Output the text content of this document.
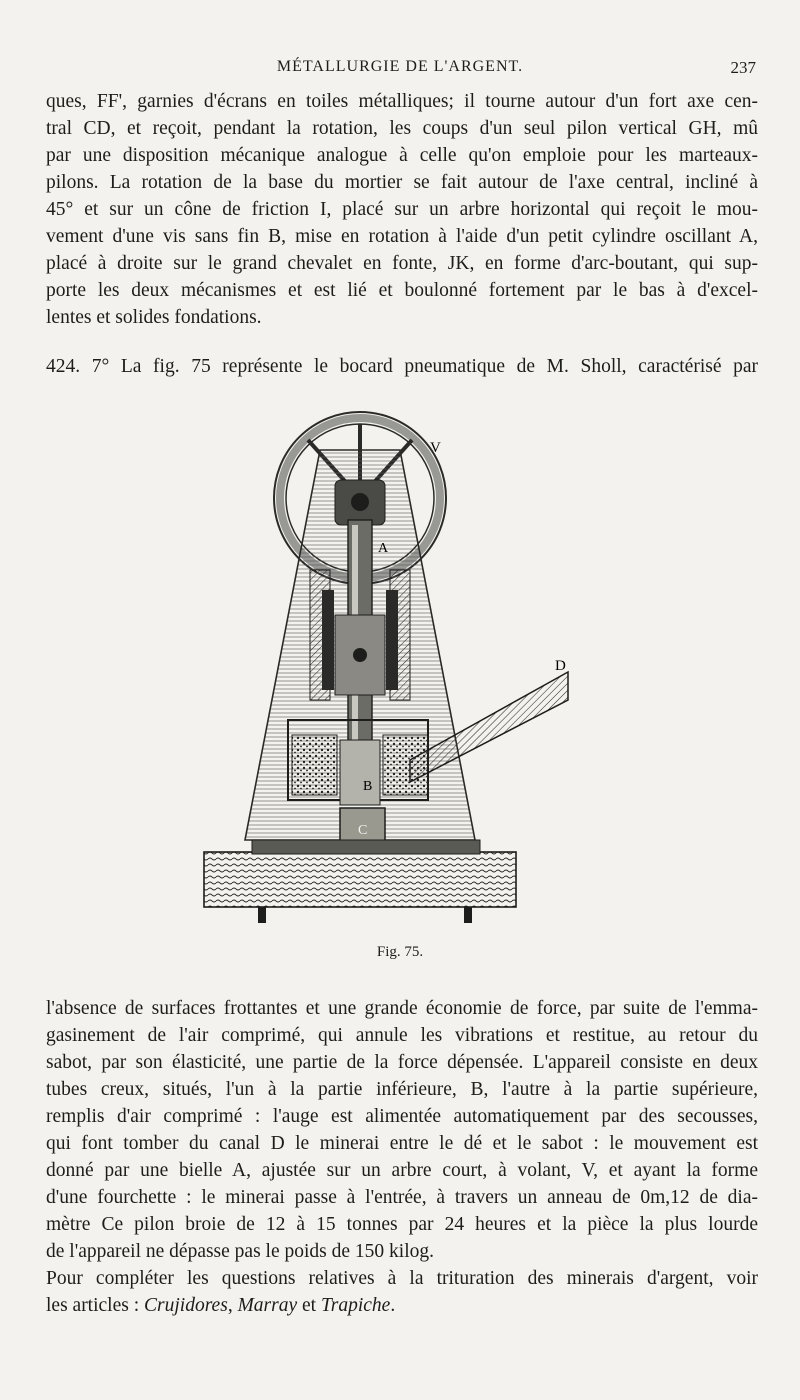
MÉTALLURGIE DE L'ARGENT.	237
ques, FF', garnies d'écrans en toiles métalliques; il tourne autour d'un fort axe cen-
tral CD, et reçoit, pendant la rotation, les coups d'un seul pilon vertical GH, mû
par une disposition mécanique analogue à celle qu'on emploie pour les marteaux-
pilons. La rotation de la base du mortier se fait autour de l'axe central, incliné à
45° et sur un cône de friction I, placé sur un arbre horizontal qui reçoit le mou-
vement d'une vis sans fin B, mise en rotation à l'aide d'un petit cylindre oscillant A,
placé à droite sur le grand chevalet en fonte, JK, en forme d'arc-boutant, qui sup-
porte les deux mécanismes et est lié et boulonné fortement par le bas à d'excel-
lentes et solides fondations.
424. 7° La fig. 75 représente le bocard pneumatique de M. Sholl, caractérisé par
V
A
D
B
C
Fig. 75.
l'absence de surfaces frottantes et une grande économie de force, par suite de l'emma-
gasinement de l'air comprimé, qui annule les vibrations et restitue, au retour du
sabot, par son élasticité, une partie de la force dépensée. L'appareil consiste en deux
tubes creux, situés, l'un à la partie inférieure, B, l'autre à la partie supérieure,
remplis d'air comprimé : l'auge est alimentée automatiquement par des secousses,
qui font tomber du canal D le minerai entre le dé et le sabot : le mouvement est
donné par une bielle A, ajustée sur un arbre court, à volant, V, et ayant la forme
d'une fourchette : le minerai passe à l'entrée, à travers un anneau de 0m,12 de dia-
mètre Ce pilon broie de 12 à 15 tonnes par 24 heures et la pièce la plus lourde
de l'appareil ne dépasse pas le poids de 150 kilog.
Pour compléter les questions relatives à la trituration des minerais d'argent, voir
les articles : Crujidores, Marray et Trapiche.
